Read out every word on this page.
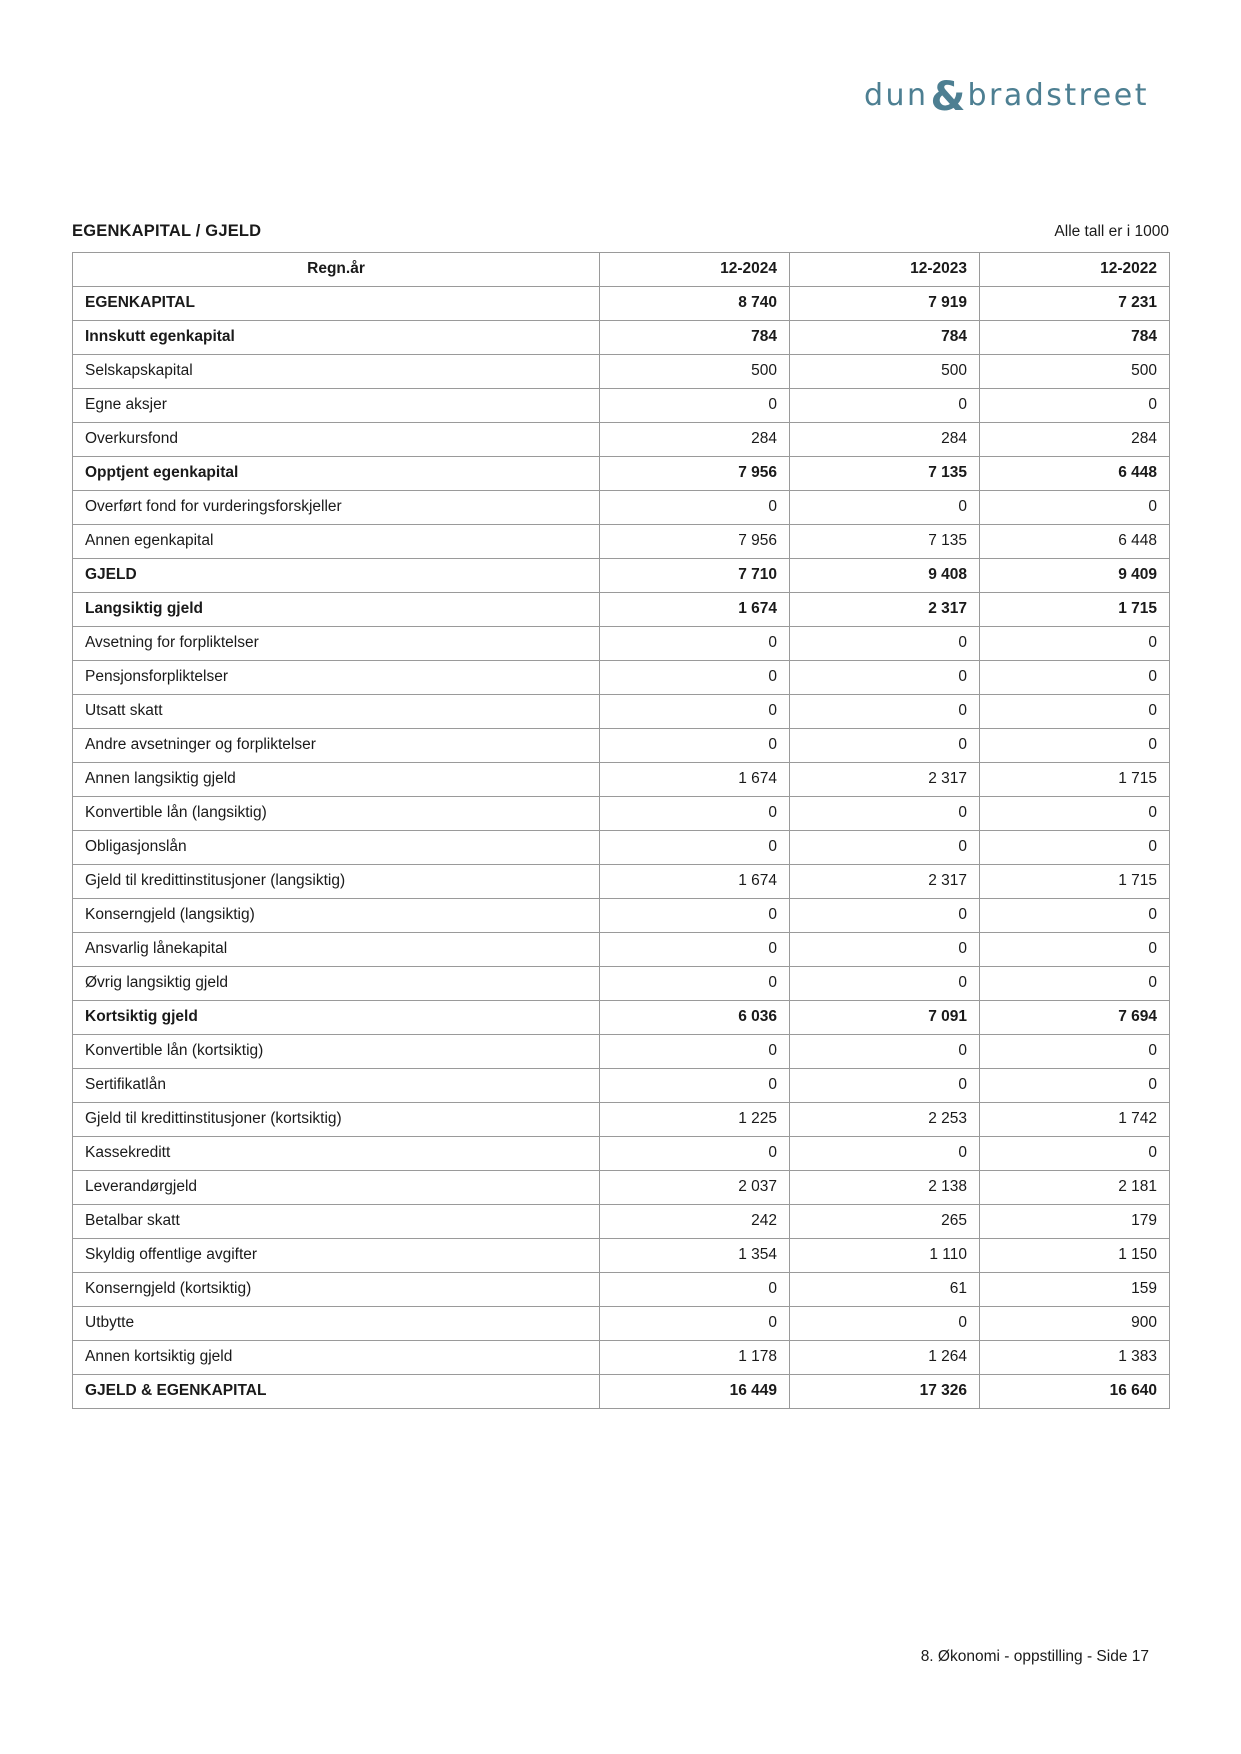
dun & bradstreet
EGENKAPITAL / GJELD	Alle tall er i 1000
Regn.år	12-2024	12-2023	12-2022
EGENKAPITAL	8 740	7 919	7 231
Innskutt egenkapital	784	784	784
Selskapskapital	500	500	500
Egne aksjer	0	0	0
Overkursfond	284	284	284
Opptjent egenkapital	7 956	7 135	6 448
Overført fond for vurderingsforskjeller	0	0	0
Annen egenkapital	7 956	7 135	6 448
GJELD	7 710	9 408	9 409
Langsiktig gjeld	1 674	2 317	1 715
Avsetning for forpliktelser	0	0	0
Pensjonsforpliktelser	0	0	0
Utsatt skatt	0	0	0
Andre avsetninger og forpliktelser	0	0	0
Annen langsiktig gjeld	1 674	2 317	1 715
Konvertible lån (langsiktig)	0	0	0
Obligasjonslån	0	0	0
Gjeld til kredittinstitusjoner (langsiktig)	1 674	2 317	1 715
Konserngjeld (langsiktig)	0	0	0
Ansvarlig lånekapital	0	0	0
Øvrig langsiktig gjeld	0	0	0
Kortsiktig gjeld	6 036	7 091	7 694
Konvertible lån (kortsiktig)	0	0	0
Sertifikatlån	0	0	0
Gjeld til kredittinstitusjoner (kortsiktig)	1 225	2 253	1 742
Kassekreditt	0	0	0
Leverandørgjeld	2 037	2 138	2 181
Betalbar skatt	242	265	179
Skyldig offentlige avgifter	1 354	1 110	1 150
Konserngjeld (kortsiktig)	0	61	159
Utbytte	0	0	900
Annen kortsiktig gjeld	1 178	1 264	1 383
GJELD & EGENKAPITAL	16 449	17 326	16 640
8. Økonomi - oppstilling - Side 17
